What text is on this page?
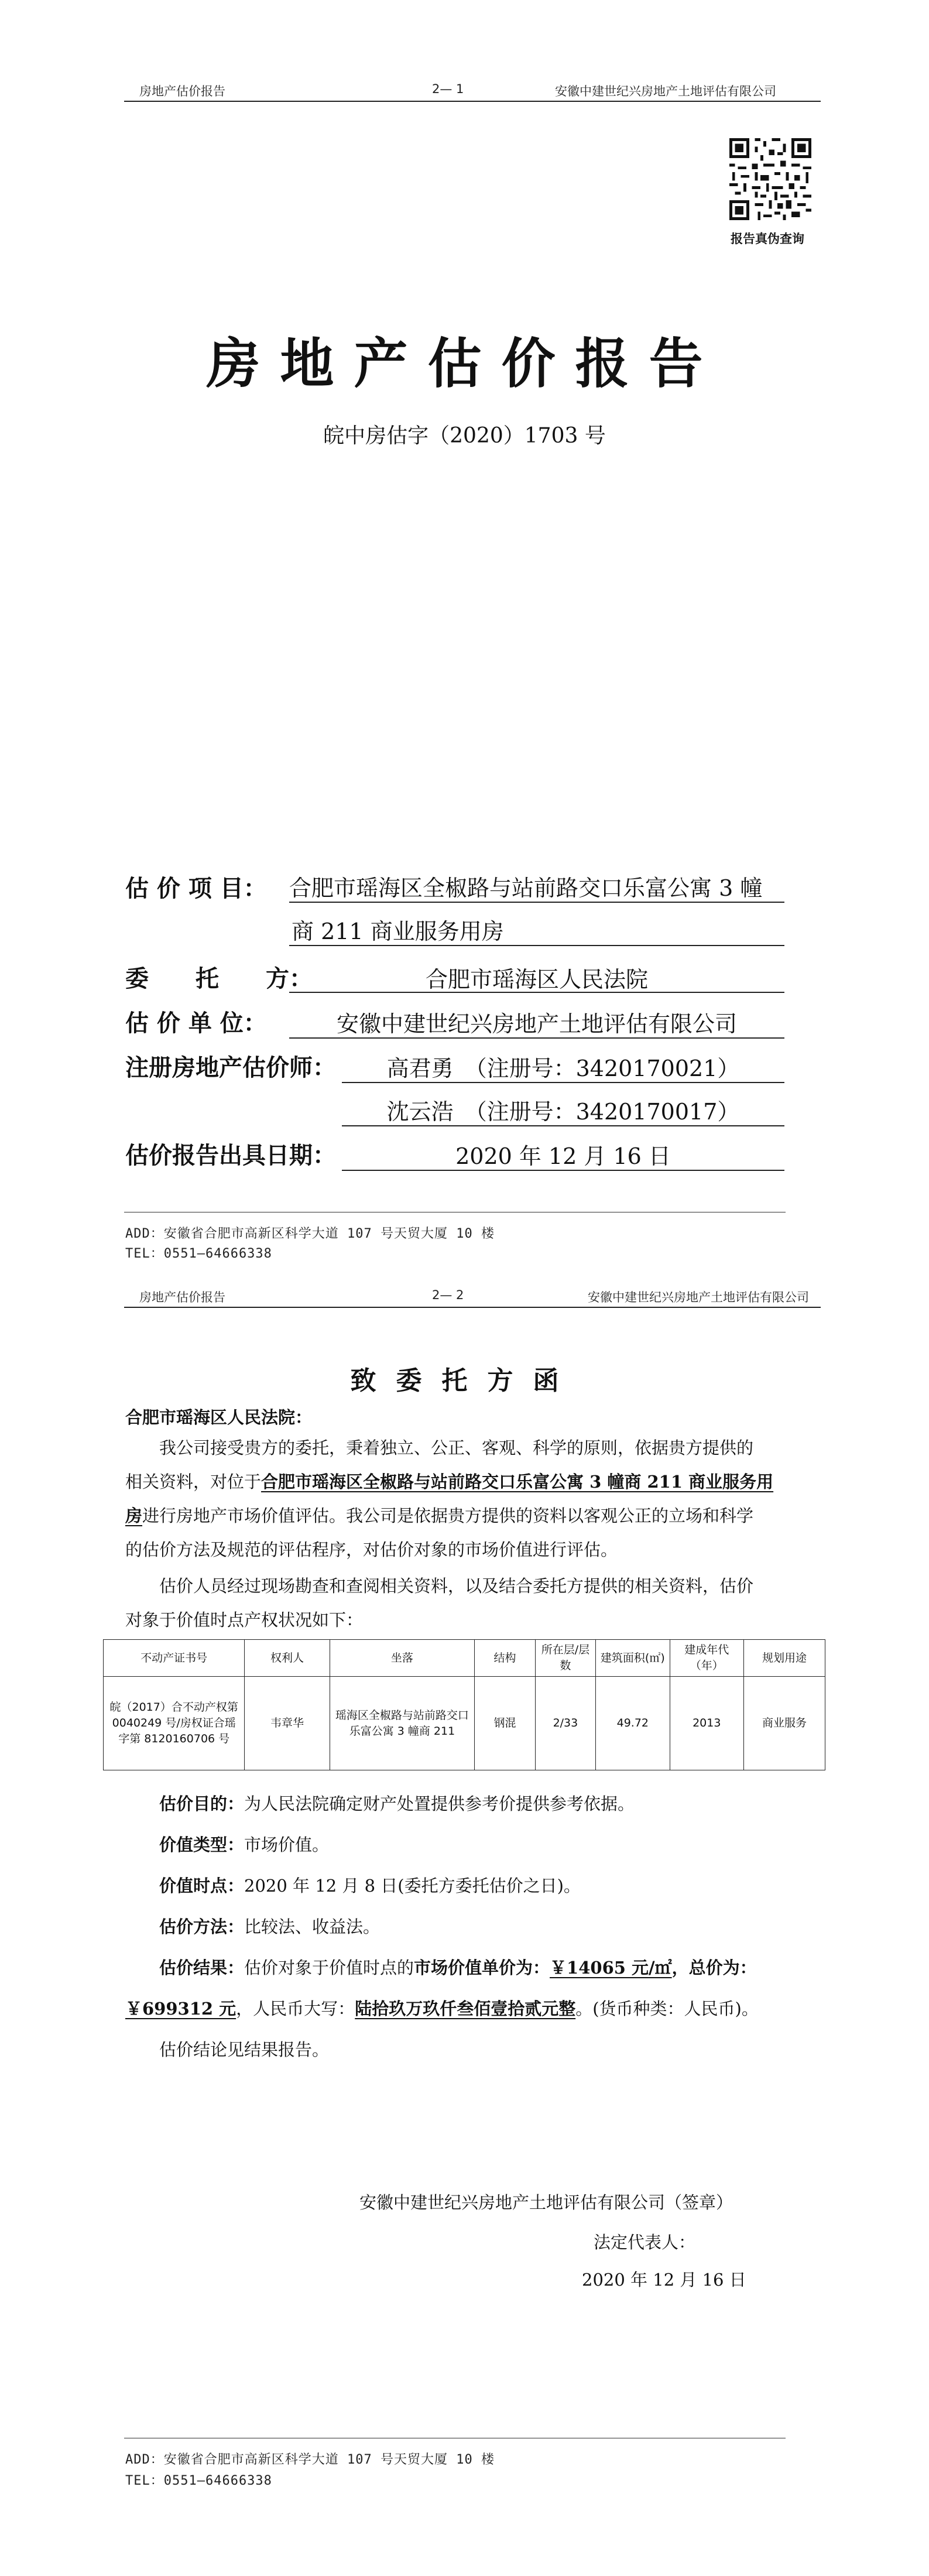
房地产估价报告	2— 1	安徽中建世纪兴房地产土地评估有限公司
报告真伪查询
房地产估价报告
皖中房估字（2020）1703 号
估 价 项 目： 合肥市瑶海区全椒路与站前路交口乐富公寓 3 幢
商 211 商业服务用房
委　　托　　方：	合肥市瑶海区人民法院
估 价 单 位：	安徽中建世纪兴房地产土地评估有限公司
注册房地产估价师：	高君勇　（注册号：3420170021）
沈云浩　（注册号：3420170017）
估价报告出具日期：	2020 年 12 月 16 日
ADD：安徽省合肥市高新区科学大道 107 号天贸大厦 10 楼
TEL：0551—64666338
房地产估价报告	2— 2	安徽中建世纪兴房地产土地评估有限公司
致委托方函
合肥市瑶海区人民法院：
我公司接受贵方的委托，秉着独立、公正、客观、科学的原则，依据贵方提供的
相关资料，对位于合肥市瑶海区全椒路与站前路交口乐富公寓 3 幢商 211 商业服务用
房进行房地产市场价值评估。我公司是依据贵方提供的资料以客观公正的立场和科学
的估价方法及规范的评估程序，对估价对象的市场价值进行评估。
估价人员经过现场勘查和查阅相关资料，以及结合委托方提供的相关资料，估价
对象于价值时点产权状况如下：
不动产证书号	权利人	坐落	结构	所在层/层数	建筑面积(㎡)	建成年代（年）	规划用途
皖（2017）合不动产权第 0040249 号/房权证合瑶字第 8120160706 号	韦章华	瑶海区全椒路与站前路交口乐富公寓 3 幢商 211	钢混	2/33	49.72	2013	商业服务
估价目的：为人民法院确定财产处置提供参考价提供参考依据。
价值类型：市场价值。
价值时点：2020 年 12 月 8 日(委托方委托估价之日)。
估价方法：比较法、收益法。
估价结果：估价对象于价值时点的市场价值单价为：￥14065 元/㎡，总价为：
￥699312 元，人民币大写：陆拾玖万玖仟叁佰壹拾贰元整。(货币种类：人民币)。
估价结论见结果报告。
安徽中建世纪兴房地产土地评估有限公司（签章）
法定代表人：
2020 年 12 月 16 日
ADD：安徽省合肥市高新区科学大道 107 号天贸大厦 10 楼
TEL：0551—64666338
